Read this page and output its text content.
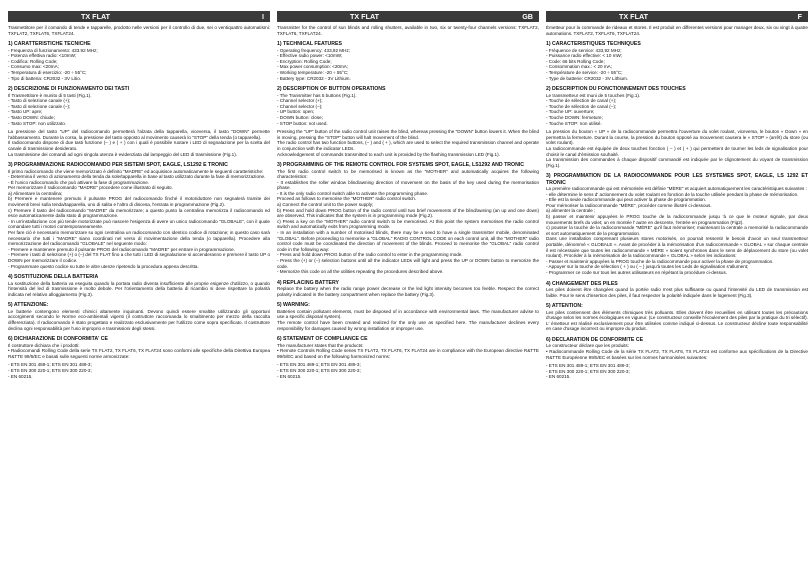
TX FLAT	I

Trasmettitore per il comando di tende e tapparelle, prodotto nelle versioni per il controllo di due, sei o ventiquattro automatismi: TXFLAT2, TXFLAT6, TXFLAT24.

1) CARATTERISTICHE TECNICHE

- Frequenza di funzionamento: 433.92 MHz;

- Potenza effettiva radio: <10mW;

- Codifica: Rolling Code;

- Consumo max: <20mA;

- Temperatura di esercizio: -20 ÷ 55°C;

- Tipo di batteria: CR2032 - 3V Litio.

2) DESCRIZIONE DI FUNZIONAMENTO DEI TASTI

Il Trasmettitore è munito di 5 tasti (Fig.1).

- Tasto di selezione canale (+);

- Tasto di selezione canale (–);

- Tasto UP: apre;

- Tasto DOWN: chiude;

- Tasto STOP: non utilizzato.

La pressione del tasto "UP" del radiocomando permetterà l'alzata della tapparella, viceversa, il tasto "DOWN" permette l'abbassamento. Durante la corsa, la pressione del tasto opposto al movimento causerà lo "STOP" della tenda (o tapparella).

Il radiocomando dispone di due tasti funzione (– ) e ( + ) con i quali è possibile ruotare i LED di segnalazione per la scelta del canale di trasmissione desiderato.

La trasmissione dei comandi ad ogni singola utenza è evidenziata dal lampeggio del LED di trasmissione (Fig.1).

3) PROGRAMMAZIONE RADIOCOMANDO PER SISTEMI SPOT, EAGLE, LS1292 E TRONIC

Il primo radiocomando che viene memorizzato è definito "MADRE" ed acquisisce automaticamente le seguenti caratteristiche:

- Determina il verso di azionamento della tenda da sole/tapparella in base al tasto utilizzato durante la fase di memorizzazione.

- È l'unico radiocomando che può attivare la fase di programmazione.

Per memorizzare il radiocomando "MADRE" procedere come illustrato di seguito.

a) Alimentare la centralina;

b) Premere e mantenere premuto il pulsante PROG del radiocomando finché il motoriduttore non segnalerà tramite dei movimenti brevi sulla tenda/tapparella, uno di salita e l'altro di discesa, l'entrata in programmazione (Fig.2).

c) Premere il tasto del radiocomando "MADRE" da memorizzare; a questo punto la centralina memorizza il radiocomando ed esce automaticamente dalla stato di programmazione.

- In un'installazione con più tende motorizzate può nascere l'esigenza di avere un unico radiocomando "GLOBALE", con il quale comandare tutti i motori contemporaneamente.

Per fare ciò è necessario memorizzare su ogni centralina un radiocomando con identico codice di rotazione; in questo caso sarà necessario che tutti i "MADRE" siano coordinati nel verso di movimentazione della tenda (o tapparella). Procedere alla memorizzazione del radiocomando "GLOBALE" nel seguente modo:

- Premere e mantenere premuto il pulsante PROG del radiocomando "MADRE" per entrare in programmazione.

- Premere i tasti di selezione (+) o (–) del TX FLAT fino a che tutti i LED di segnalazione si accenderanno e premere il tasto UP o DOWN per memorizzare il codice.

- Programmare questo codice su tutte le altre utenze ripetendo la procedura appena descritta.

4) SOSTITUZIONE DELLA BATTERIA

La sostituzione della batteria va eseguita quando la portata radio diventa insufficiente alle proprie esigenze d'utilizzo, o quando l'intensità del led di trasmissione è molto debole. Per l'orientamento della batteria di ricambio si deve rispettare la polarità indicata nel relativo alloggiamento (Fig.3).

5) ATTENZIONE:

Le batterie contengono elementi chimici altamente inquinanti. Devono quindi essere smaltite utilizzando gli opportuni accorgimenti secondo le Norme eco-ambientali vigenti (il costruttore raccomanda lo smaltimento per mezzo della raccolta differenziata). Il radiocomando è stato progettato e realizzato esclusivamente per l'utilizzo come sopra specificato. Il costruttore declina ogni responsabilità per l'uso improprio e trasmissioni degli stessi.

6) DICHIARAZIONE DI CONFORMITA' CE

Il costruttore dichiara che i prodotti:

• Radiocomandi Rolling Code della serie TX FLAT2, TX FLAT6, TX FLAT24 sono conformi alle specifiche della Direttiva Europea R&TTE 99/5/EC e basati sulle seguenti norme armonizzate:

- ETS EN 301 489-1; ETS EN 301 489-3;

- ETS EN 300 220-1; ETS EN 300 220-3;

- EN 60215.

TX FLAT	GB

Transmitter for the control of sun blinds and rolling shutters, available in two, six or twenty-four channels versions: TXFLAT2, TXFLAT6, TXFLAT24.

1) TECHNICAL FEATURES

- Operating frequency: 433,92 MHz;

- Effective radio power: <10mW;

- Encryption: Rolling Code;

- Max power consumption: <20mA;

- Working temperature: -20 ÷ 55°C;

- Battery type: CR2032 - 3V Lithium.

2) DESCRIPTION OF BUTTON OPERATIONS

- The Transmitter has 5 buttons (Fig.1).

- Channel selector (+);

- Channel selector (–);

- UP button: open;

- DOWN button: close;

- STOP button: not used.

Pressing the "UP" button of the radio control unit raises the blind, whereas pressing the "DOWN" button lowers it. When the blind is moving, pressing the "STOP" button will halt movement of the blind.

The radio control has two function buttons, (– ) and ( + ), which are used to select the required transmission channel and operate in conjunction with the indicator LEDs.

Acknowledgement of commands transmitted to each unit is provided by the flashing transmission LED (Fig.1).

3) PROGRAMMING OF THE REMOTE CONTROL FOR SYSTEMS SPOT, EAGLE, LS1292 AND TRONIC

The first radio control switch to be memorised is known as the "MOTHER" and automatically acquires the following characteristics:

- It establishes the roller window blind/awning direction of movement on the basis of the key used during the memorisation phase.

- It is the only radio control switch able to activate the programming phase.

Proceed as follows to memorise the "MOTHER" radio control switch.

a) Connect the control unit to the power supply;

b) Press and hold down PROG button of the radio control until two brief movements of the blind/awning (an up and one down) are observed. This indicates that the system is in programming mode (Fig.2).

c) Press a key on the "MOTHER" radio control switch to be memorised. At this point the system memorises the radio control switch and automatically exits from programming mode.

- In an installation with a number of motorised blinds, there may be a need to have a single transmitter mobile, denominated "GLOBAL". Before proceeding to memorise a "GLOBAL" RADIO CONTROL CODE on each control unit, all the "MOTHER" radio control code must be coordinated the direction of movement of the blinds. Proceed to memorise the "GLOBAL" radio control code in the following way:

- Press and hold down PROG button of the radio control to enter in the programming mode.

- Press the (+) or (–) selection buttons until all the indicator LEDs will light and press the UP or DOWN button to memorize the code.

- Memorize this code on all the utilities repeating the procedures described above.

4) REPLACING BATTERY

Replace the battery when the radio range power decrease or the led light intensity becomes too feeble. Respect the correct polarity indicated in the battery compartment when replace the battery (Fig.3).

5) WARNING:

Batteries contain pollutant elements, must be disposed of in accordance with environmental laws. The manufacturer advise to use a specific disposal system).

The remote control have been created and realized for the only use as specified here. The manufacturer declines every responsibility for damages caused by wrong installation or improper use.

6) STATEMENT OF COMPLIANCE CE

The manufacturer states that the products:

• Remote Controls Rolling Code series TX FLAT2, TX FLAT6, TX FLAT24 are in compliance with the European directive R&TTE 99/5/EC and based on the following harmonized norms:

- ETS EN 301 489-1; ETS EN 301 489-3;

- ETS EN 300 220-1; ETS EN 300 220-3;

- EN 60215.

TX FLAT	F

Émetteur pour la commande de rideaux et stores. Il est produit en differentes versions pour manager deux, six ou vingt à quatre automations. TXFLAT2, TXFLAT6, TXFLAT24.

1) CARACTERISTIQUES TECHNIQUES

- Fréquence de service: 433,92 MHz;

- Puissance radio effective: < 10 mW;

- Code: 66 bits Rolling Code;

- Consommation max.: < 20 mA;

- Température de service: -20 ÷ 55°C;

- Type de batterie: CR2032 - 3V Lithium.

2) DESCRIPTION DU FONCTIONNEMENT DES TOUCHES

Le transmetteur est muni de 5 touches (Fig.1).

- Touche de sélection de canal (+);

- Touche de sélection de canal (–);

- Touche UP: ouverture;

- Touche DOWN: fermeture;

- Touche STOP: non utilisé.

La pression du bouton « UP » de la radiocommande permettra l'ouverture du volet roulant, viceversa, le bouton « Down » en permettra la fermeture. Durant la course, la pression du bouton opposé au mouvement causera le « STOP » (arrêt) du store (ou volet roulant).

La radiocommande est équipée de deux touches fonction ( – ) et ( + ) qui permettent de tourner les leds de signalisation pour choisir le canal d'émission souhaité.

La transmission des commandes à chaque dispositif commandé est indiquée par le clignotement du voyant de transmission (Fig.1).

3) PROGRAMMATION DE LA RADIOCOMMANDE POUR LES SYSTEMES SPOT, EAGLE, LS 1292 ET TRONIC

La première radiocommande qui est mémorisée est définie "MÈRE" et acquiert automatiquement les caractéristiques suivantes :

- elle détermine le sens d' actionnement du volet roulant en fonction de la touche utilisée pendant la phase de mémorisation.

- Elle est la seule radiocommande qui peut activer la phase de programmation.

Pour mémoriser la radiocommande "MÈRE", procéder comme illustré ci-dessous.

a) alimenter la centrale ;

b) passer et maintenir appuyées le PROG touche de la radiocommande jusqu 'à ce que le moteur signale, par deux mouvements brefs du volet; un en montée l' autre en descente, l'entrée en programmation (Fig2).

c) pousser la touche de la radiocommande "MÈRE" qu'il faut mémoriser; maintenant la centrale a memorisé la radiocommande et sort automatiquement de la programmation.

Dans une installation comprenant plusieurs stores motorisés, on pourrait ressentir le besoin d'avoir un seul transmetteur portable, dénommé « GLOBALE ». Avant de procéder à la mémorisation d'un radiocommande « GLOBAL » sur chaque centrale il est nécessaire que toutes les radiocommande « MÈRE » soient synchrones dans le sens de déplacement du store (ou volet roulant). Procéder à la mémorisation de la radiocommande « GLOBAL » selon les indications:

- Passer et maintenir appuyées la PROG touche de la radiocommande pour activer la phase de programmation.

- Appuyer sur la touche de sélection ( + ) ou ( – ) jusqu'à toutes les Leds de signalisation s'allument;

- Programmer ce code sur tous les autres utilisateurs en répétant la procédure ci-dessus.

4) CHANGEMENT DES PILES

Les piles doivent être changées quand la portée radio n'est plus suffisante ou quand l'intensité du LED de transmission est faible. Pour le sens d'insertion des piles, il faut respecter la polarité indiquée dans le logement (Fig.3).

5) ATTENTION:

Les piles contiennent des éléments chimiques très polluants. Elles doivent être recueillies en utilisant toutes les précautions d'usage selon les normes écologiques en vigueur. (Le constructeur conseille l'écoulement des piles par la pratique du tri sélectif). L' émetteur est réalisé exclusivement pour être utilisées comme indiqué ci-dessus. Le constructeur décline toute responsabilité en case d'usage incorrect ou impropre du produit.

6) DECLARATION DE CONFORMITE CE

Le constructeur déclare que les produits:

• Radiocommande Rolling Code de la série TX FLAT2, TX FLAT6, TX FLAT24 est conforme aux spécifications de la Directive R&TTE Européenne 99/5/EC et basées sur les normes harmonisées suivantes:

- ETS EN 301 489-1; ETS EN 301 489-3;

- ETS EN 300 220-1; ETS EN 300 220-3;

- EN 60215.
